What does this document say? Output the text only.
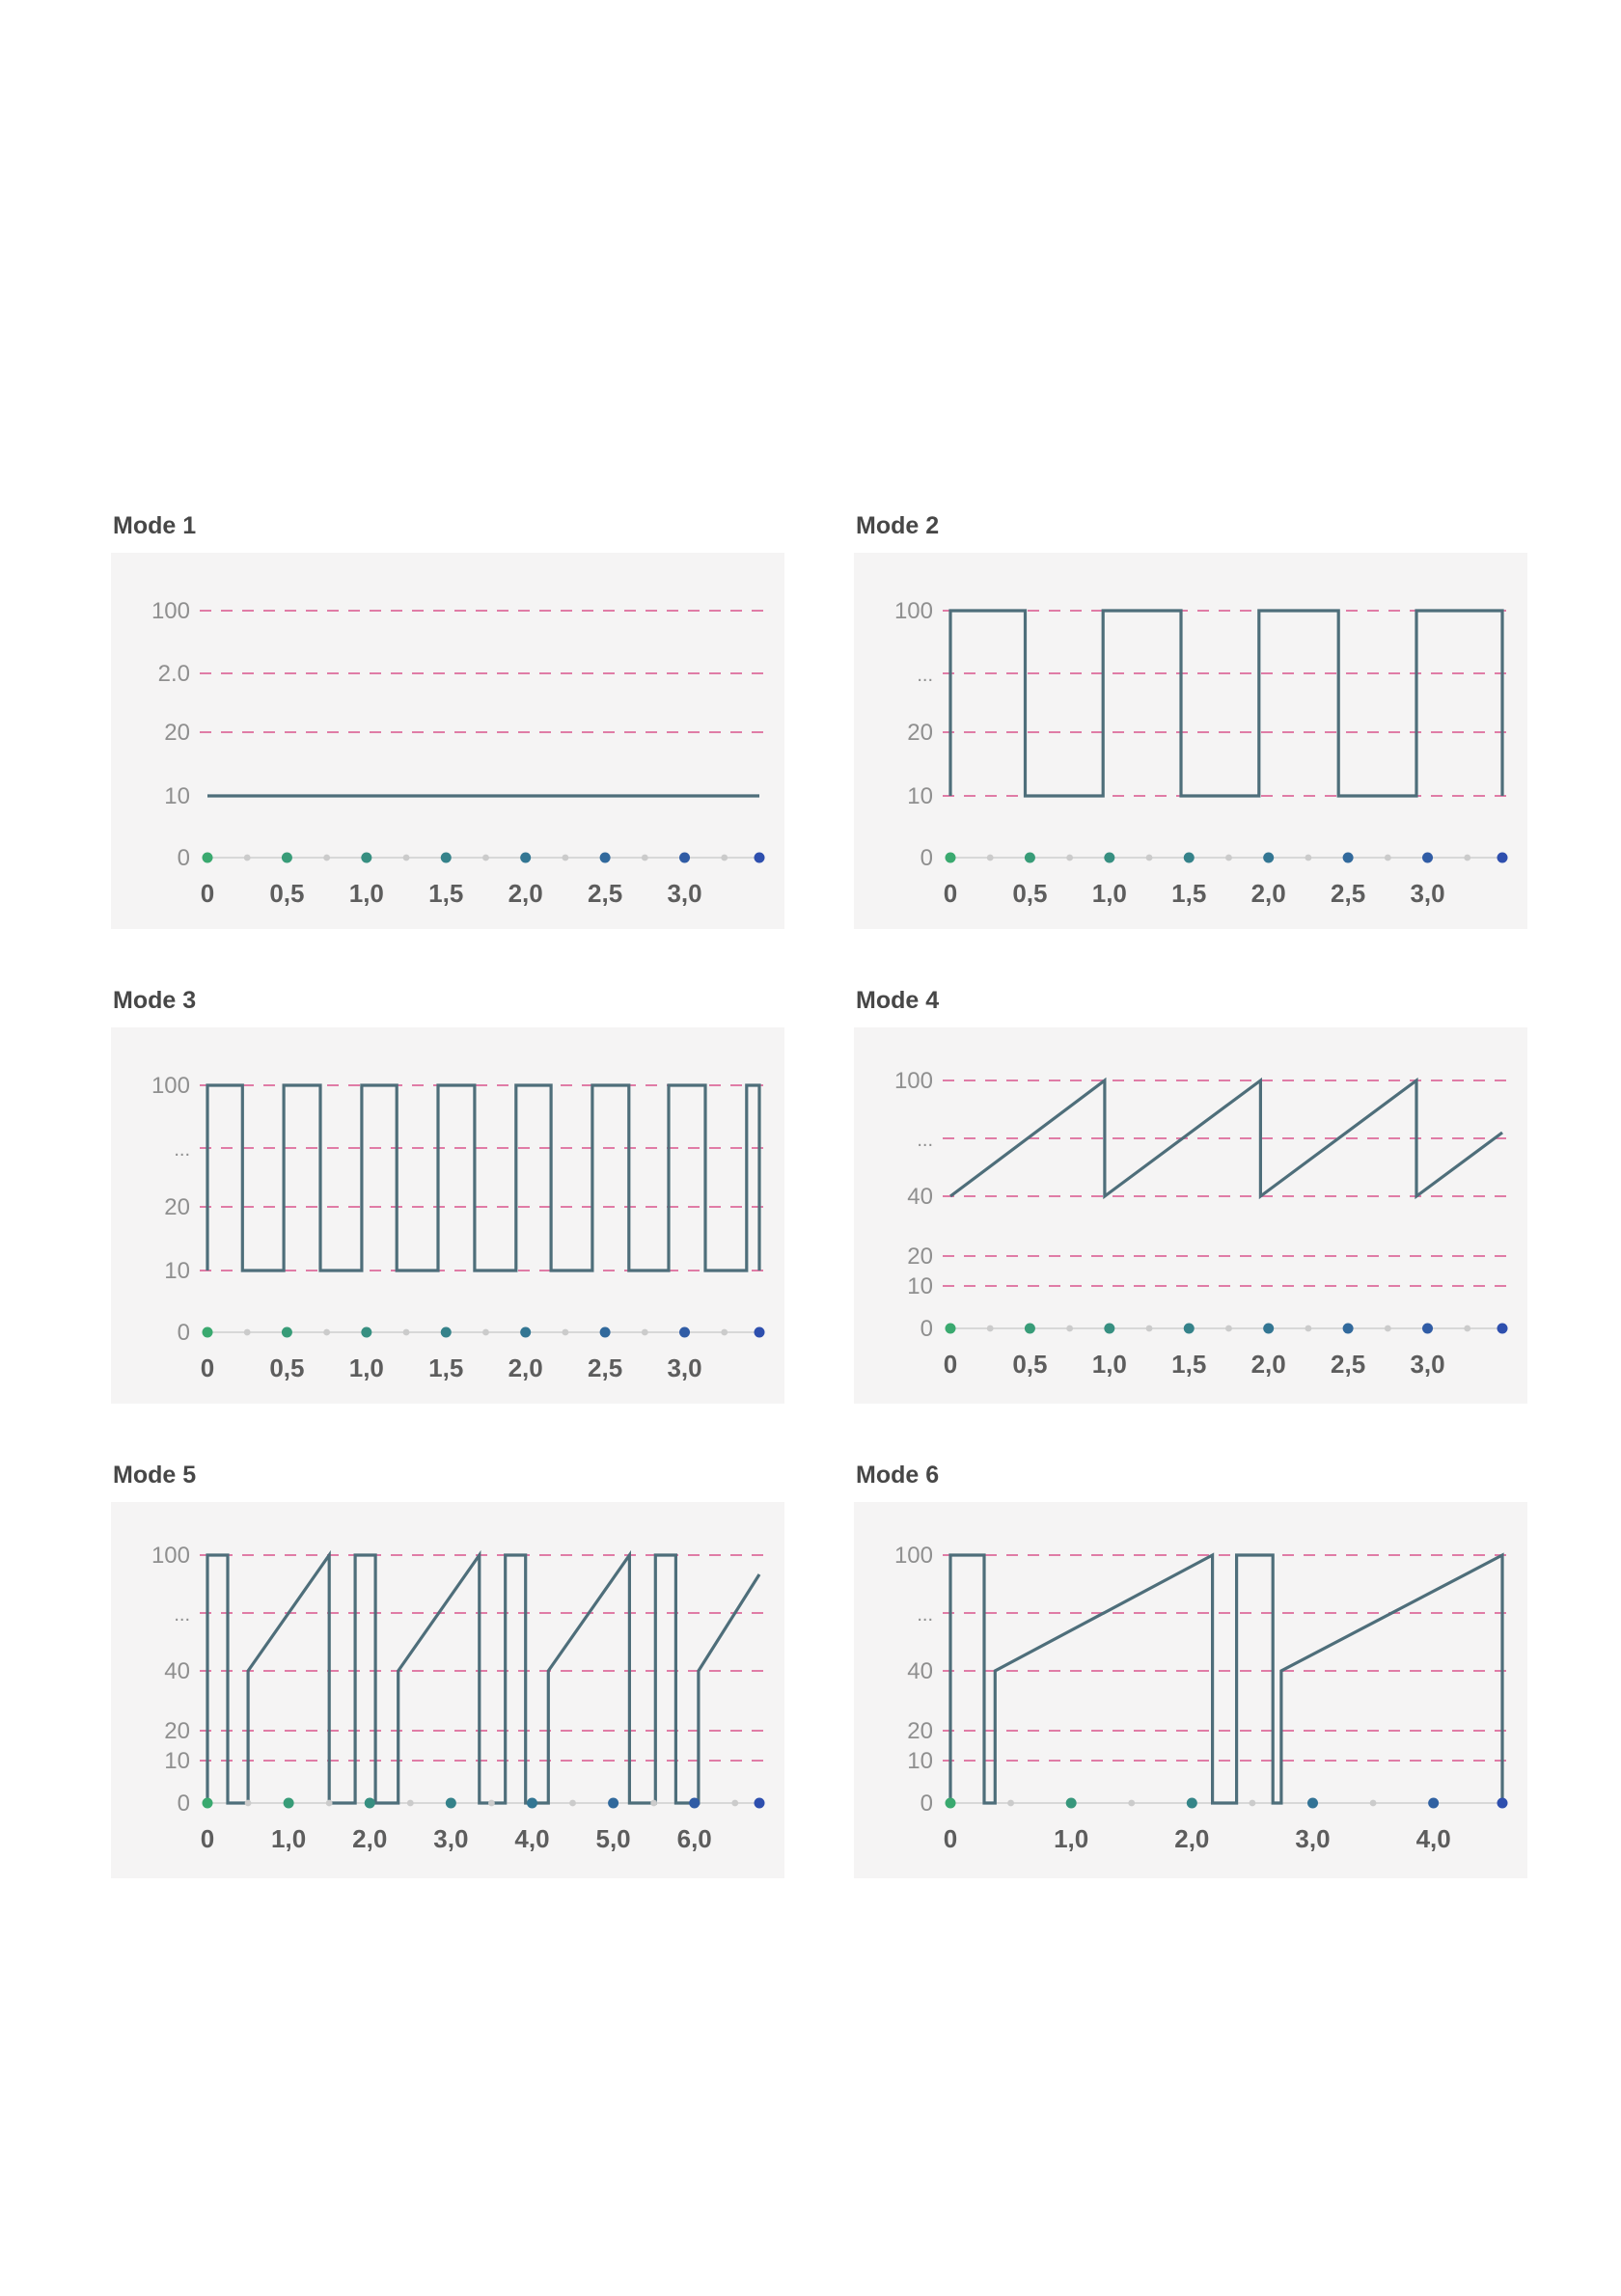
Mode 1
100
2.0
20
10
0
0 0,5 1,0 1,5 2,0 2,5 3,0
Mode 2
100
...
20
10
0
0 0,5 1,0 1,5 2,0 2,5 3,0
Mode 3
100
...
20
10
0
0 0,5 1,0 1,5 2,0 2,5 3,0
Mode 4
100
...
40
20
10
0
0 0,5 1,0 1,5 2,0 2,5 3,0
Mode 5
100
...
40
20
10
0
0 1,0 2,0 3,0 4,0 5,0 6,0
Mode 6
100
...
40
20
10
0
0	1,0	2,0	3,0	4,0
